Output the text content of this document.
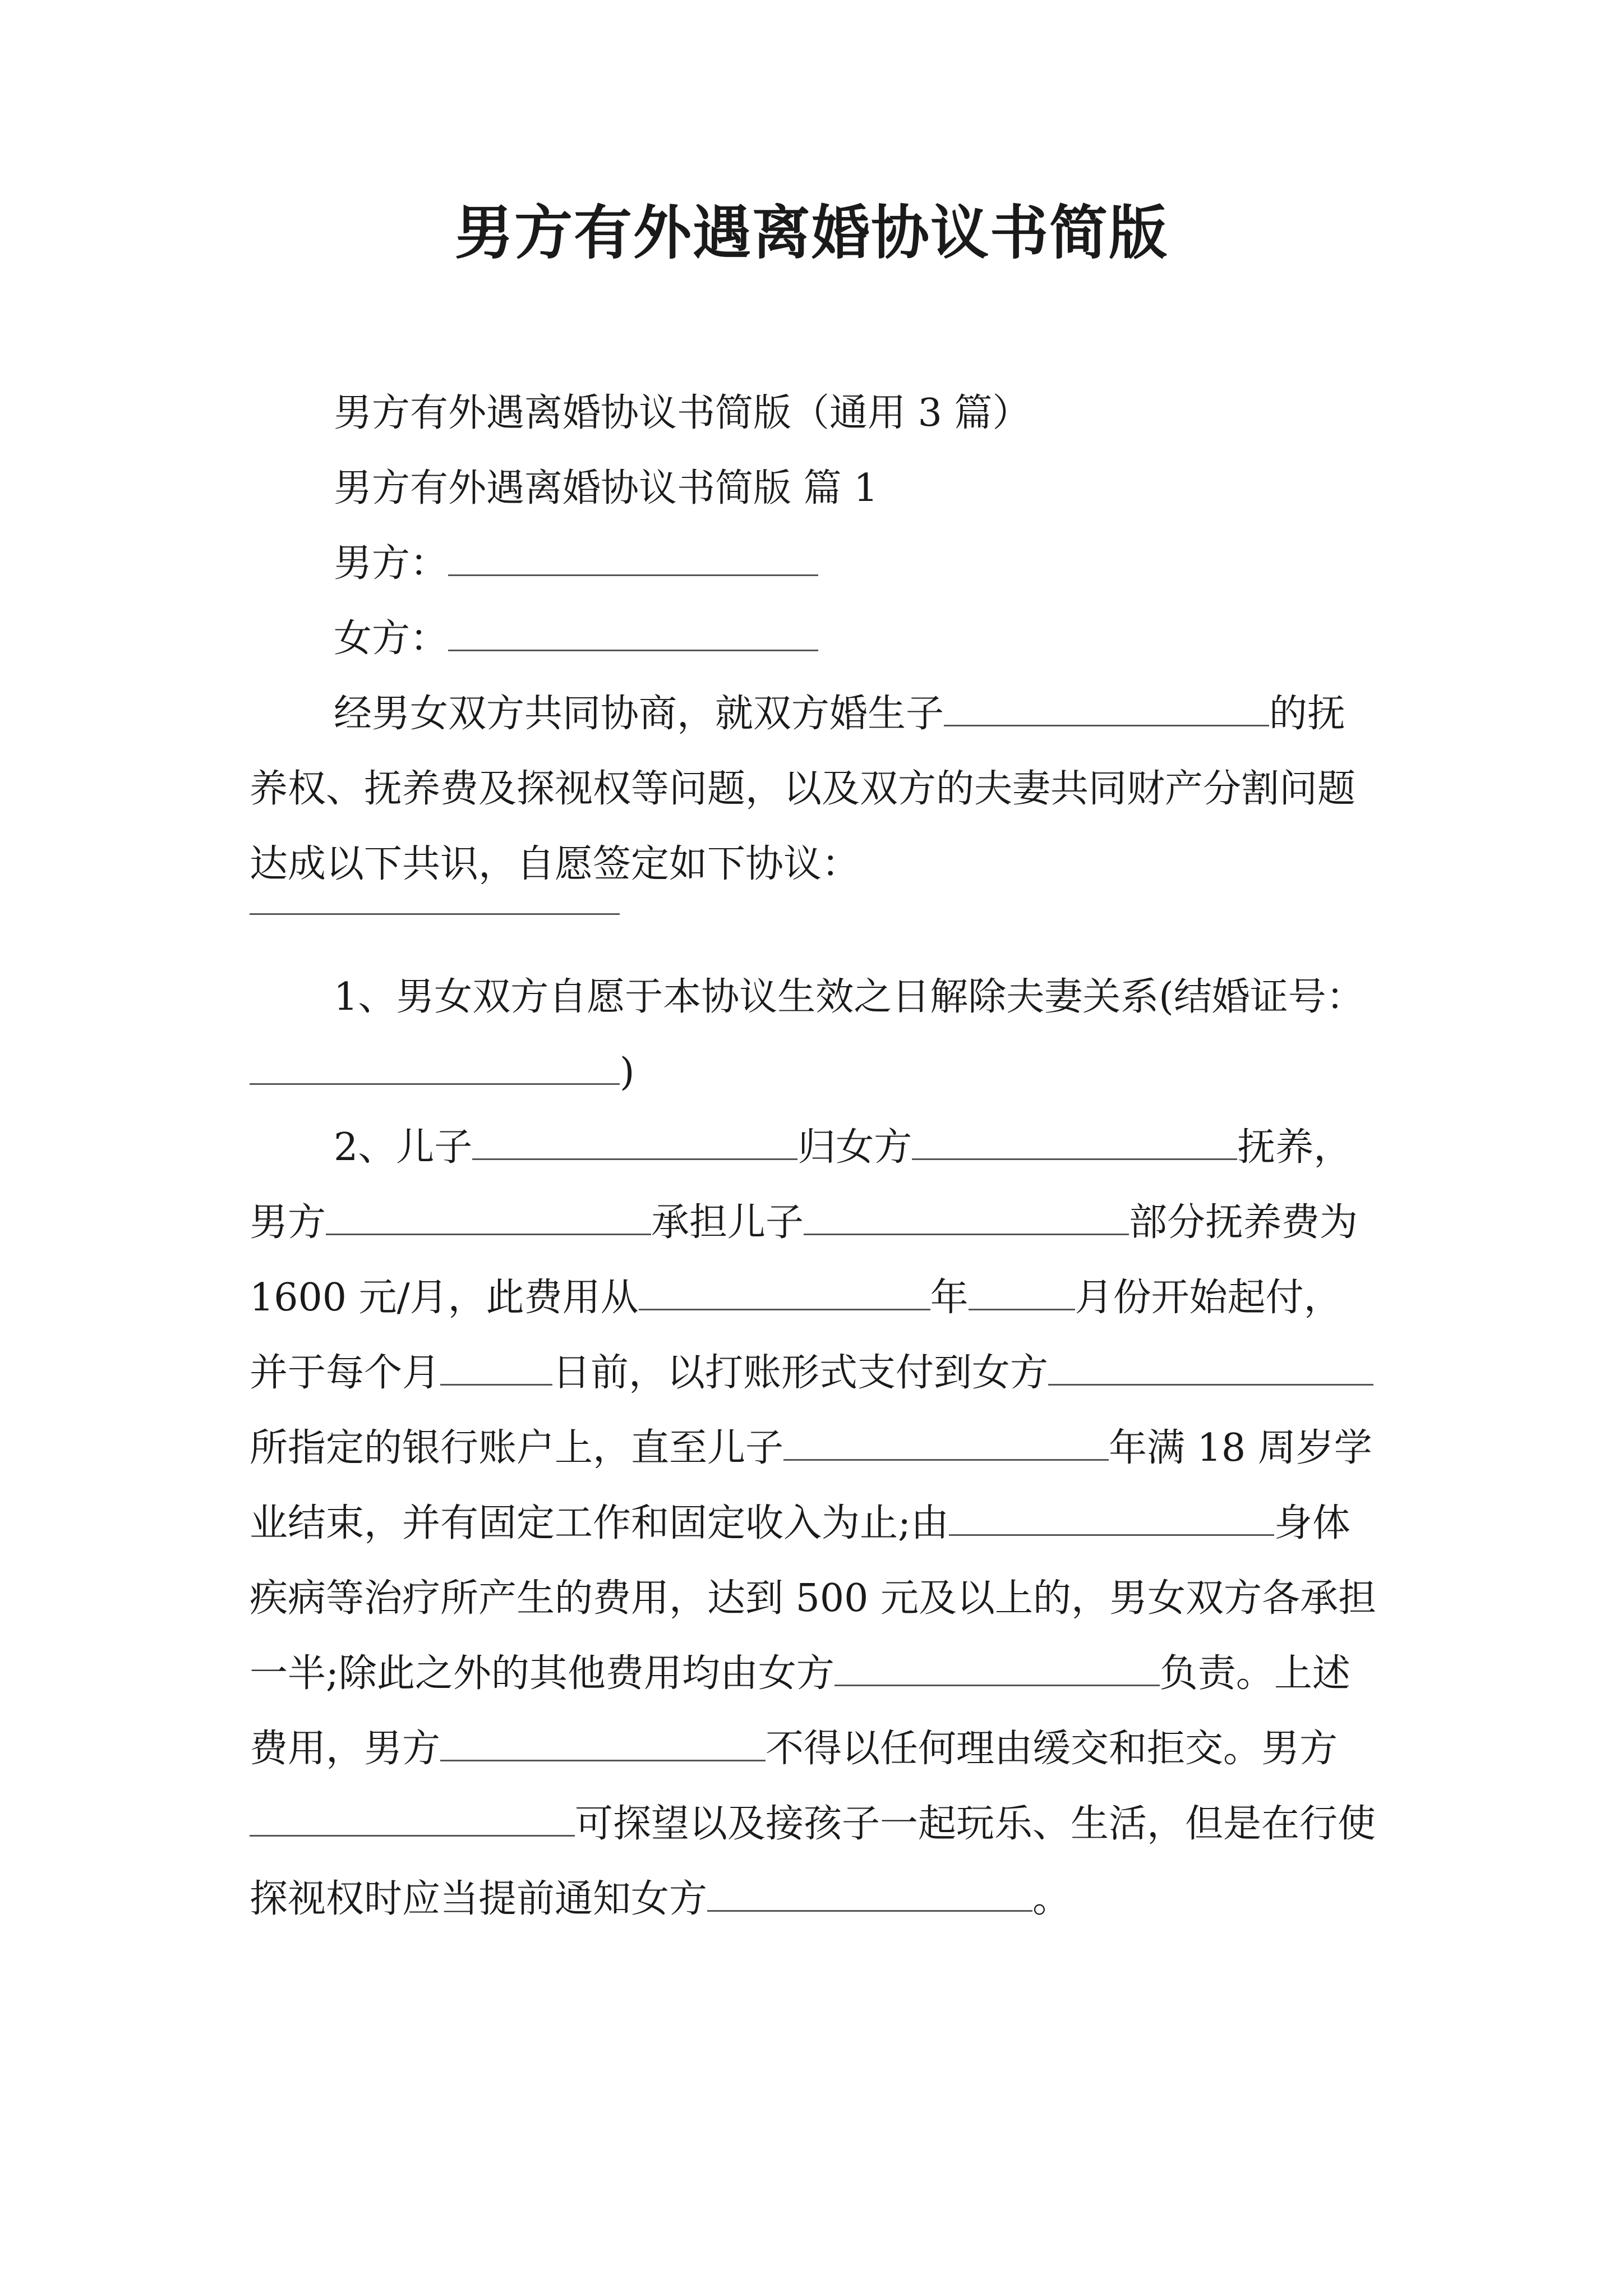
男方有外遇离婚协议书简版

男方有外遇离婚协议书简版（通用 3 篇）

男方有外遇离婚协议书简版 篇 1

男方：

女方：

经男女双方共同协商，就双方婚生子	的抚养权、抚养费及探视权等问题，以及双方的夫妻共同财产分割问题达成以下共识，自愿签定如下协议：

1、男女双方自愿于本协议生效之日解除夫妻关系(结婚证号：)

2、儿子	归女方	抚养，男方	承担儿子	部分抚养费为 1600 元/月，此费用从	年	月份开始起付，并于每个月	日前，以打账形式支付到女方所指定的银行账户上，直至儿子	年满 18 周岁学业结束，并有固定工作和固定收入为止;由	身体疾病等治疗所产生的费用，达到 500 元及以上的，男女双方各承担一半;除此之外的其他费用均由女方	负责。上述费用，男方	不得以任何理由缓交和拒交。男方可探望以及接孩子一起玩乐、生活，但是在行使探视权时应当提前通知女方	。
